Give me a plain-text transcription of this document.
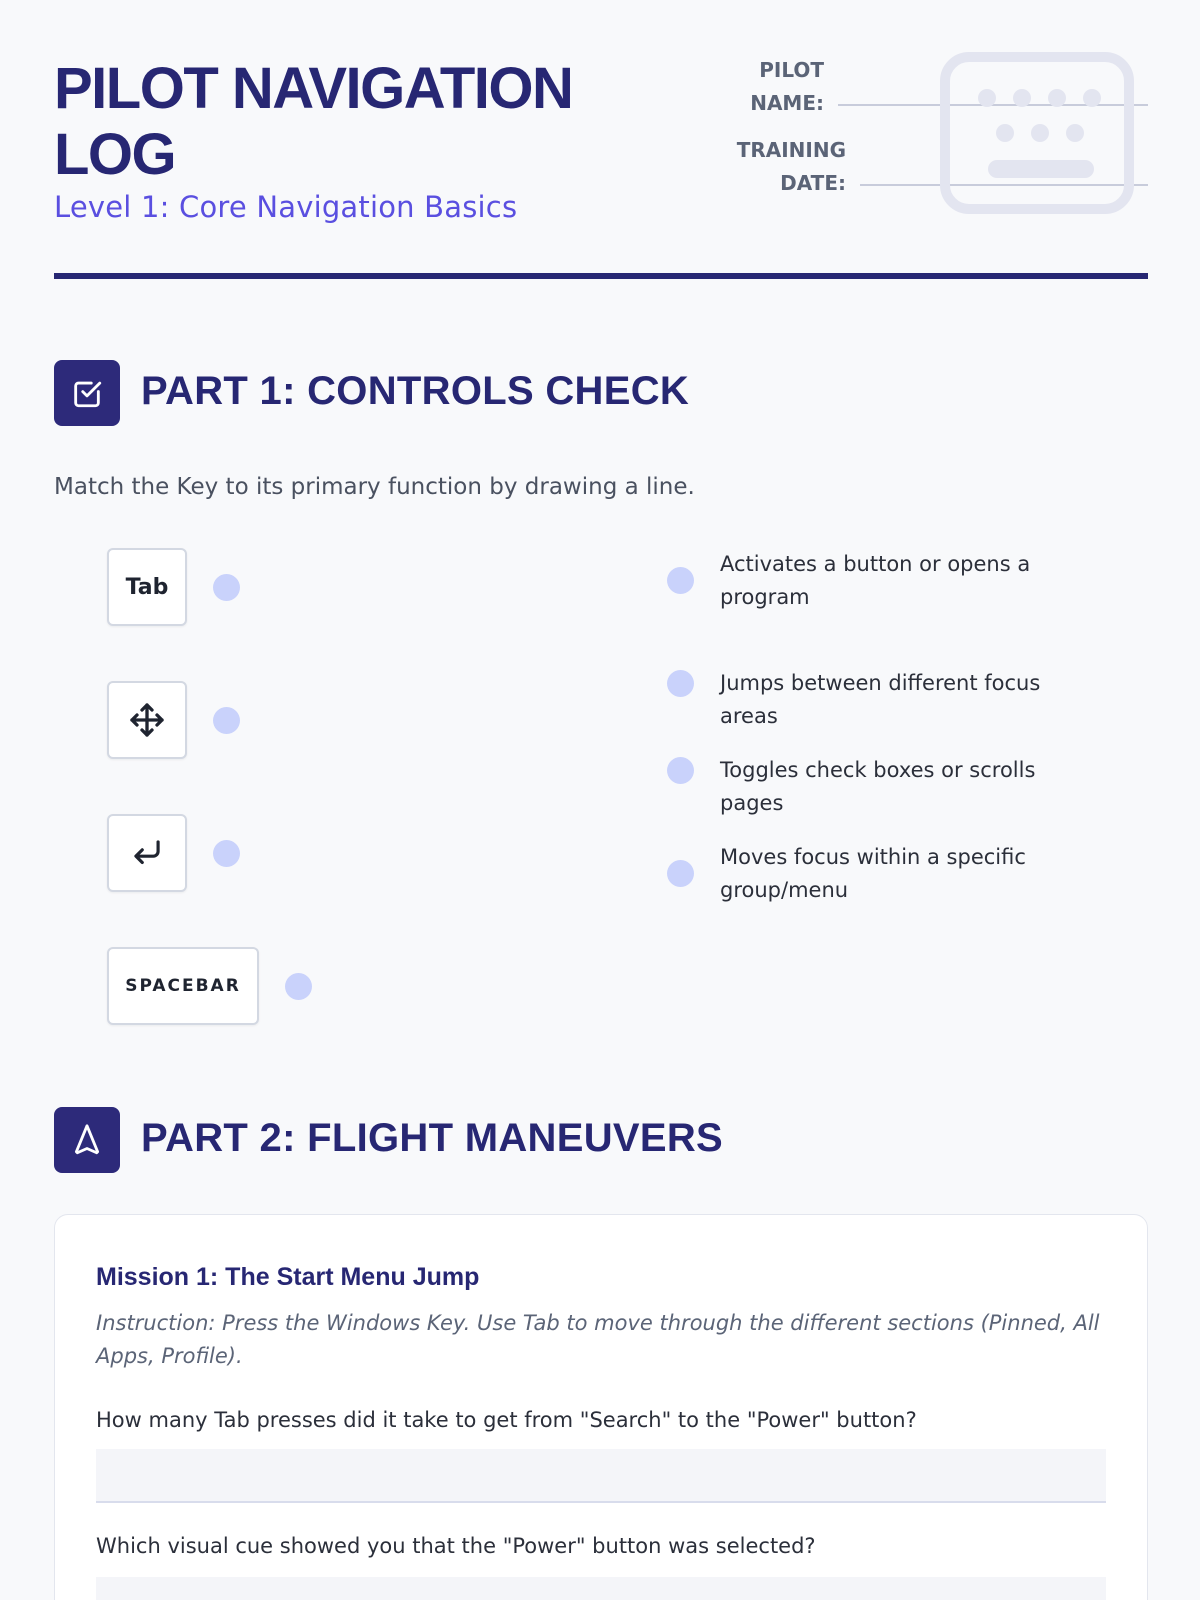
PILOT NAVIGATION LOG
Level 1: Core Navigation Basics
PILOT
NAME:
TRAINING
DATE:
PART 1: CONTROLS CHECK
Match the Key to its primary function by drawing a line.
Tab
SPACEBAR
Activates a button or opens a
program
Jumps between different focus areas
Toggles check boxes or scrolls pages
Moves focus within a specific
group/menu
PART 2: FLIGHT MANEUVERS
Mission 1: The Start Menu Jump
Instruction: Press the Windows Key. Use Tab to move through the different sections (Pinned, All Apps, Profile).
How many Tab presses did it take to get from "Search" to the "Power" button?
Which visual cue showed you that the "Power" button was selected?
